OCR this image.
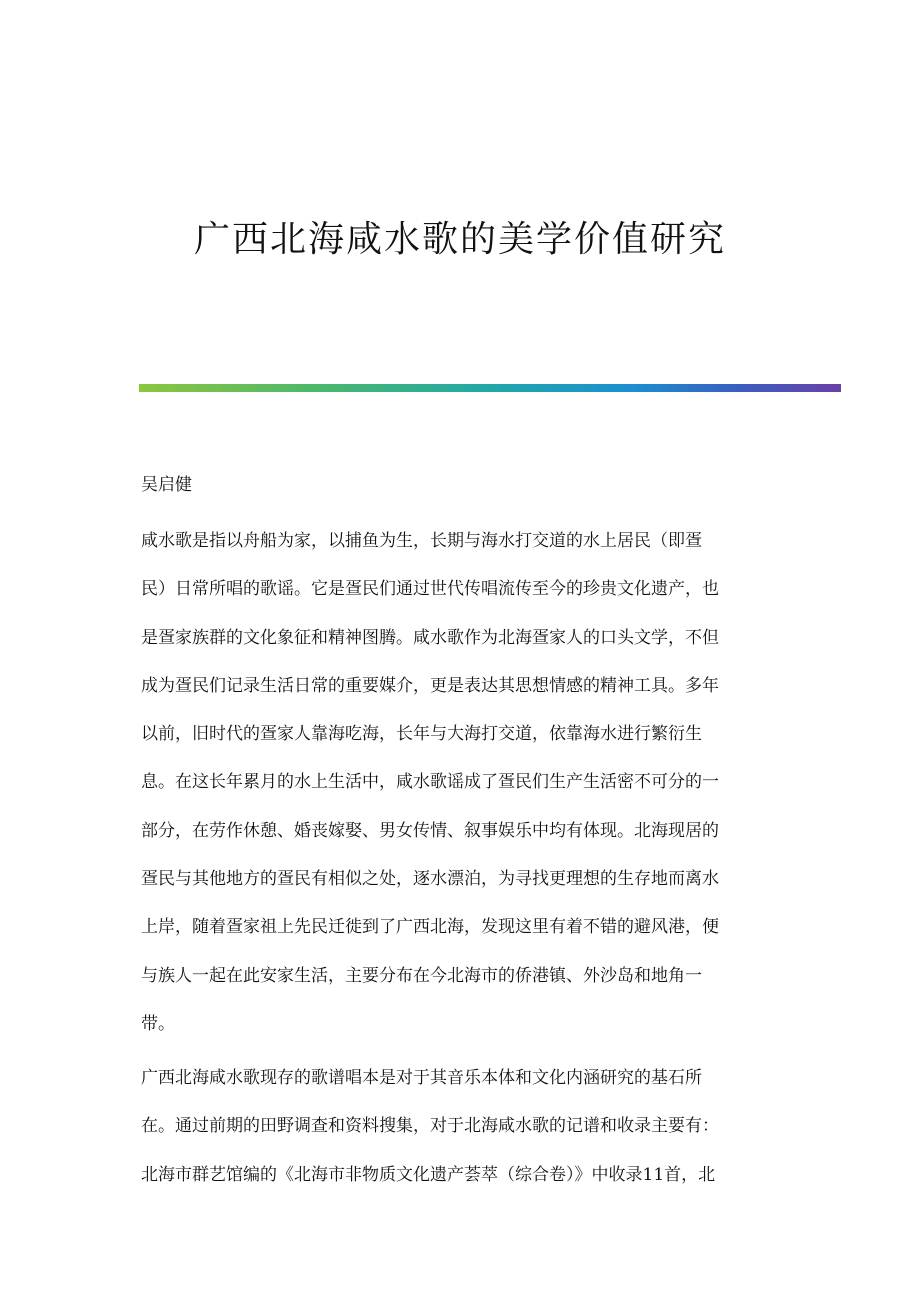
广西北海咸水歌的美学价值研究

吴启健

咸水歌是指以舟船为家，以捕鱼为生，长期与海水打交道的水上居民（即疍
民）日常所唱的歌谣。它是疍民们通过世代传唱流传至今的珍贵文化遗产，也
是疍家族群的文化象征和精神图腾。咸水歌作为北海疍家人的口头文学，不但
成为疍民们记录生活日常的重要媒介，更是表达其思想情感的精神工具。多年
以前，旧时代的疍家人靠海吃海，长年与大海打交道，依靠海水进行繁衍生
息。在这长年累月的水上生活中，咸水歌谣成了疍民们生产生活密不可分的一
部分，在劳作休憩、婚丧嫁娶、男女传情、叙事娱乐中均有体现。北海现居的
疍民与其他地方的疍民有相似之处，逐水漂泊，为寻找更理想的生存地而离水
上岸，随着疍家祖上先民迁徙到了广西北海，发现这里有着不错的避风港，便
与族人一起在此安家生活，主要分布在今北海市的侨港镇、外沙岛和地角一
带。

广西北海咸水歌现存的歌谱唱本是对于其音乐本体和文化内涵研究的基石所
在。通过前期的田野调查和资料搜集，对于北海咸水歌的记谱和收录主要有：
北海市群艺馆编的《北海市非物质文化遗产荟萃（综合卷）》中收录11首，北
